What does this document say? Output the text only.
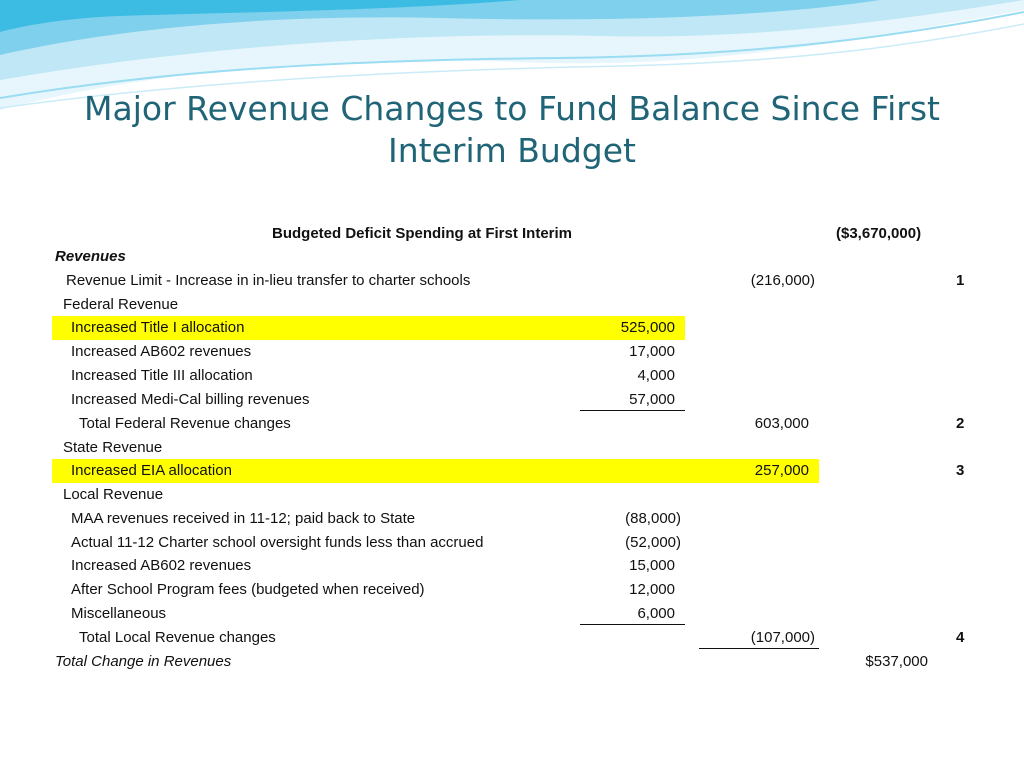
Major Revenue Changes to Fund Balance Since First
Interim Budget
Budgeted Deficit Spending at First Interim	($3,670,000)
Revenues
Revenue Limit - Increase in in-lieu transfer to charter schools	(216,000)	1
Federal Revenue
Increased Title I allocation	525,000
Increased AB602 revenues	17,000
Increased Title III allocation	4,000
Increased Medi-Cal billing revenues	57,000
Total Federal Revenue changes	603,000	2
State Revenue
Increased EIA allocation	257,000	3
Local Revenue
MAA revenues received in 11-12; paid back to State	(88,000)
Actual 11-12 Charter school oversight funds less than accrued	(52,000)
Increased AB602 revenues	15,000
After School Program fees (budgeted when received)	12,000
Miscellaneous	6,000
Total Local Revenue changes	(107,000)	4
Total Change in Revenues	$537,000
